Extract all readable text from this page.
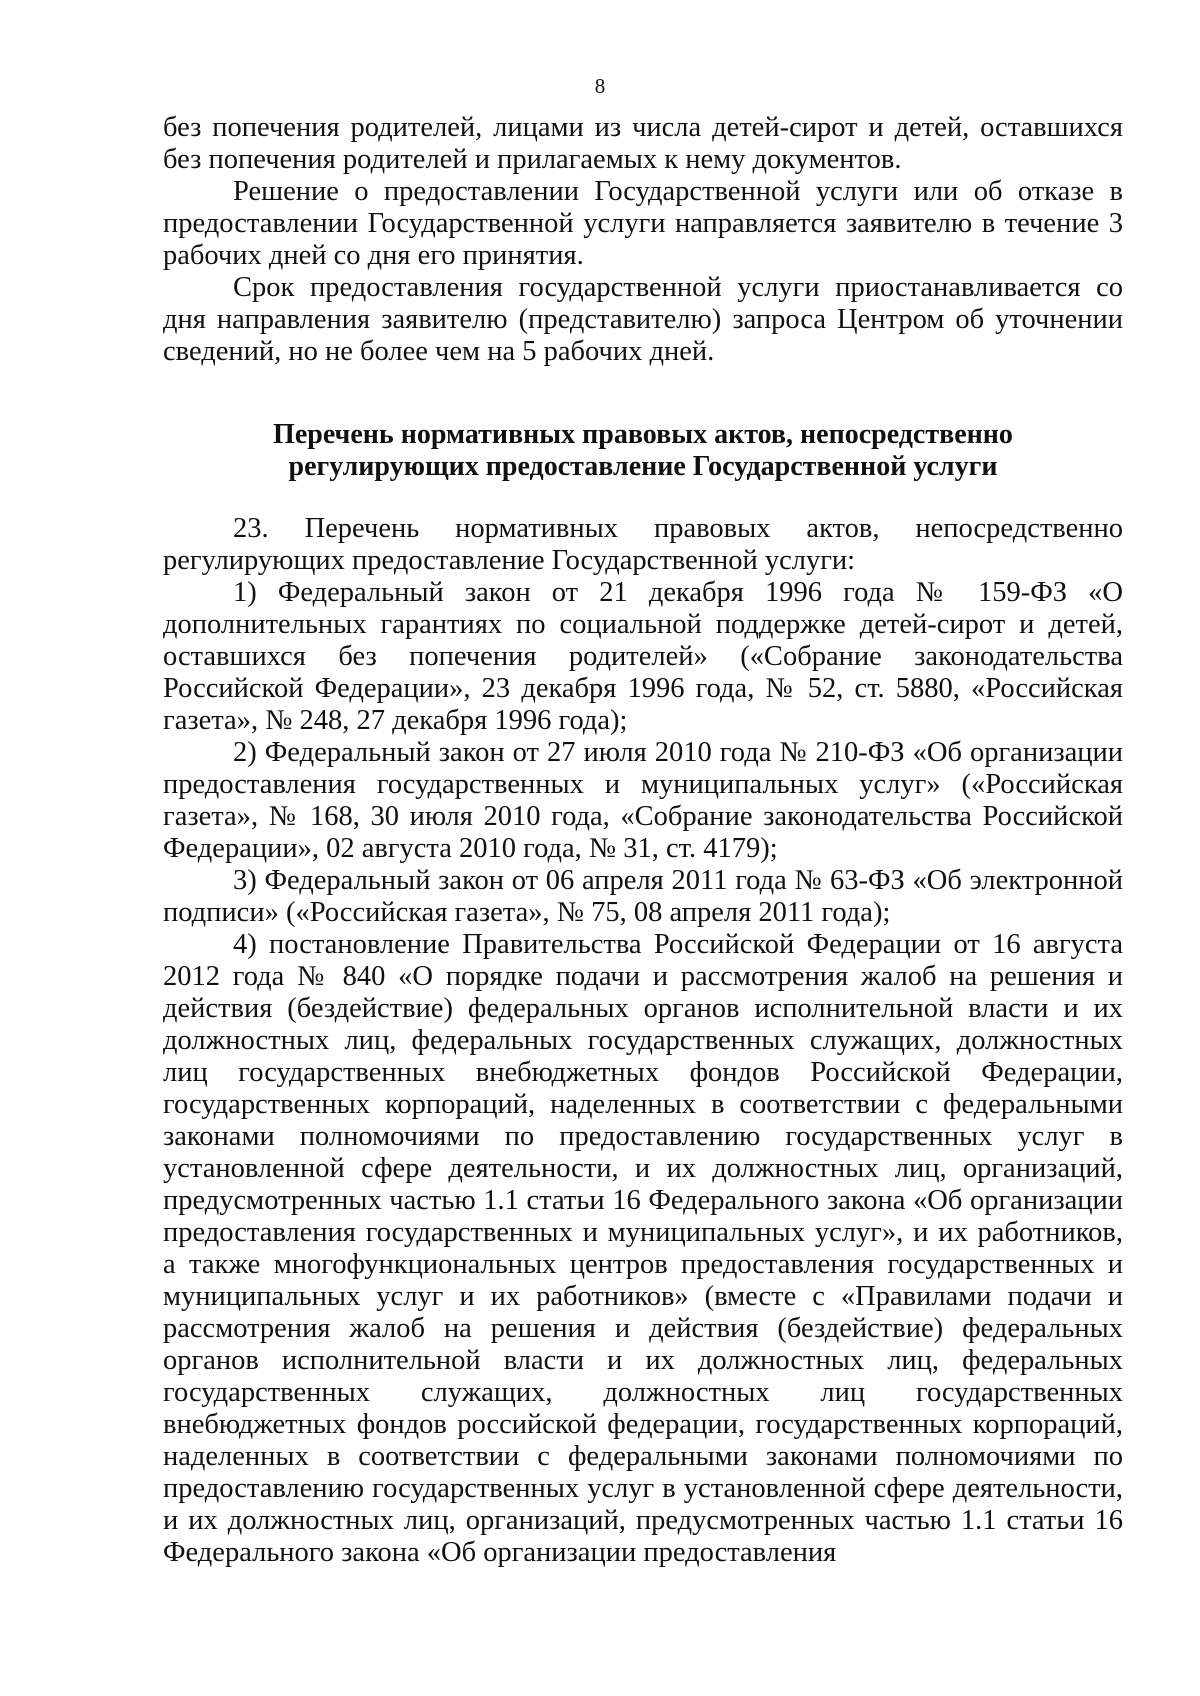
8

без попечения родителей, лицами из числа детей-сирот и детей, оставшихся без попечения родителей и прилагаемых к нему документов.

Решение о предоставлении Государственной услуги или об отказе в предоставлении Государственной услуги направляется заявителю в течение 3 рабочих дней со дня его принятия.

Срок предоставления государственной услуги приостанавливается со дня направления заявителю (представителю) запроса Центром об уточнении сведений, но не более чем на 5 рабочих дней.

Перечень нормативных правовых актов, непосредственно
регулирующих предоставление Государственной услуги

23. Перечень нормативных правовых актов, непосредственно регулирующих предоставление Государственной услуги:

1) Федеральный закон от 21 декабря 1996 года № 159-ФЗ «О дополнительных гарантиях по социальной поддержке детей-сирот и детей, оставшихся без попечения родителей» («Собрание законодательства Российской Федерации», 23 декабря 1996 года, № 52, ст. 5880, «Российская газета», № 248, 27 декабря 1996 года);

2) Федеральный закон от 27 июля 2010 года № 210-ФЗ «Об организации предоставления государственных и муниципальных услуг» («Российская газета», № 168, 30 июля 2010 года, «Собрание законодательства Российской Федерации», 02 августа 2010 года, № 31, ст. 4179);

3) Федеральный закон от 06 апреля 2011 года № 63-ФЗ «Об электронной подписи» («Российская газета», № 75, 08 апреля 2011 года);

4) постановление Правительства Российской Федерации от 16 августа 2012 года № 840 «О порядке подачи и рассмотрения жалоб на решения и действия (бездействие) федеральных органов исполнительной власти и их должностных лиц, федеральных государственных служащих, должностных лиц государственных внебюджетных фондов Российской Федерации, государственных корпораций, наделенных в соответствии с федеральными законами полномочиями по предоставлению государственных услуг в установленной сфере деятельности, и их должностных лиц, организаций, предусмотренных частью 1.1 статьи 16 Федерального закона «Об организации предоставления государственных и муниципальных услуг», и их работников, а также многофункциональных центров предоставления государственных и муниципальных услуг и их работников» (вместе с «Правилами подачи и рассмотрения жалоб на решения и действия (бездействие) федеральных органов исполнительной власти и их должностных лиц, федеральных государственных служащих, должностных лиц государственных внебюджетных фондов российской федерации, государственных корпораций, наделенных в соответствии с федеральными законами полномочиями по предоставлению государственных услуг в установленной сфере деятельности, и их должностных лиц, организаций, предусмотренных частью 1.1 статьи 16 Федерального закона «Об организации предоставления
